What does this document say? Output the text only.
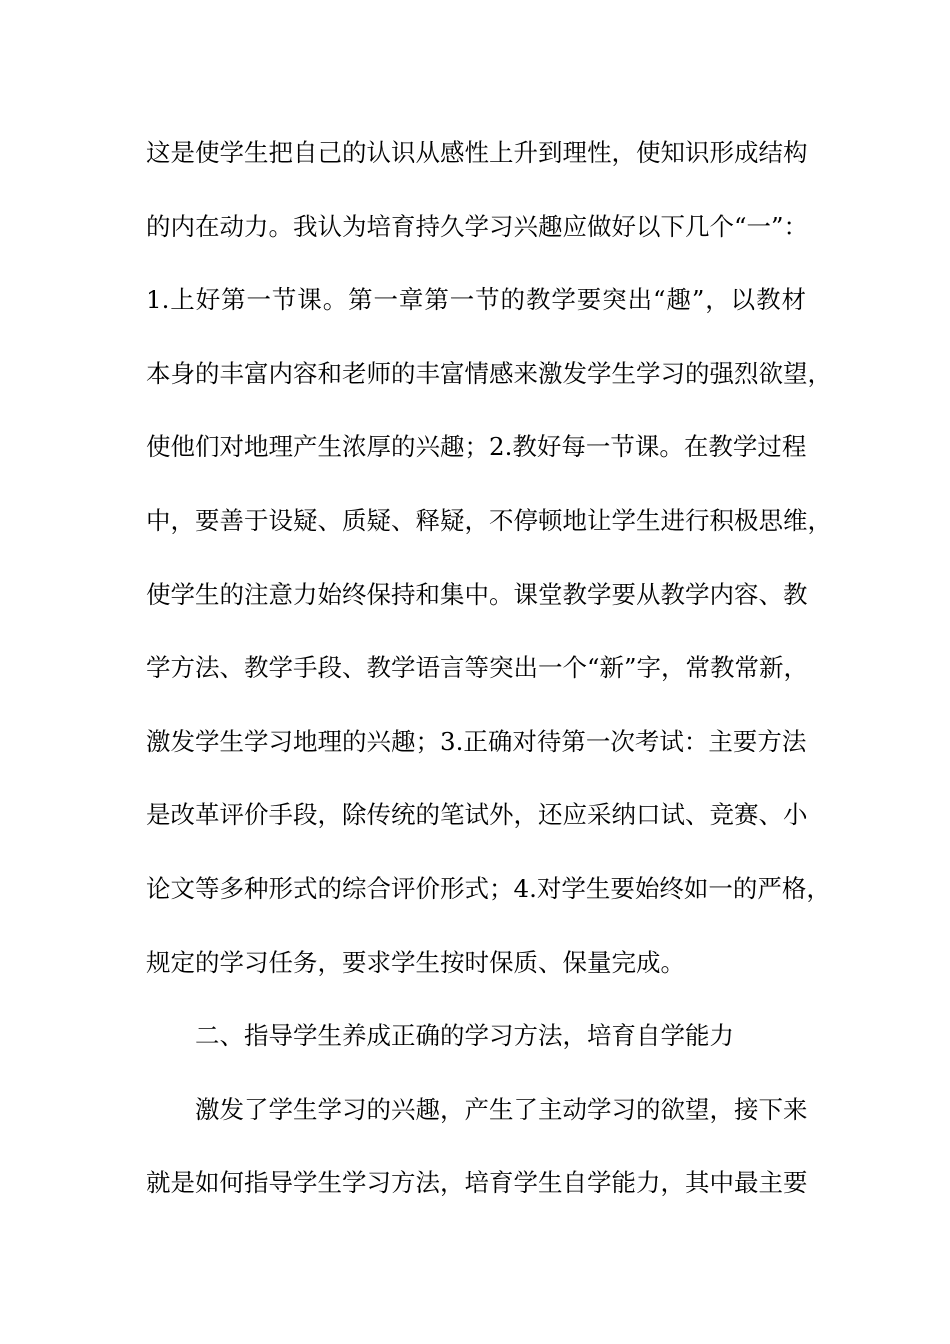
这是使学生把自己的认识从感性上升到理性，使知识形成结构
的内在动力。我认为培育持久学习兴趣应做好以下几个“一”：
1.上好第一节课。第一章第一节的教学要突出“趣”，以教材
本身的丰富内容和老师的丰富情感来激发学生学习的强烈欲望，
使他们对地理产生浓厚的兴趣；2.教好每一节课。在教学过程
中，要善于设疑、质疑、释疑，不停顿地让学生进行积极思维，
使学生的注意力始终保持和集中。课堂教学要从教学内容、教
学方法、教学手段、教学语言等突出一个“新”字，常教常新，
激发学生学习地理的兴趣；3.正确对待第一次考试：主要方法
是改革评价手段，除传统的笔试外，还应采纳口试、竞赛、小
论文等多种形式的综合评价形式；4.对学生要始终如一的严格，
规定的学习任务，要求学生按时保质、保量完成。
二、指导学生养成正确的学习方法，培育自学能力
激发了学生学习的兴趣，产生了主动学习的欲望，接下来
就是如何指导学生学习方法，培育学生自学能力，其中最主要
